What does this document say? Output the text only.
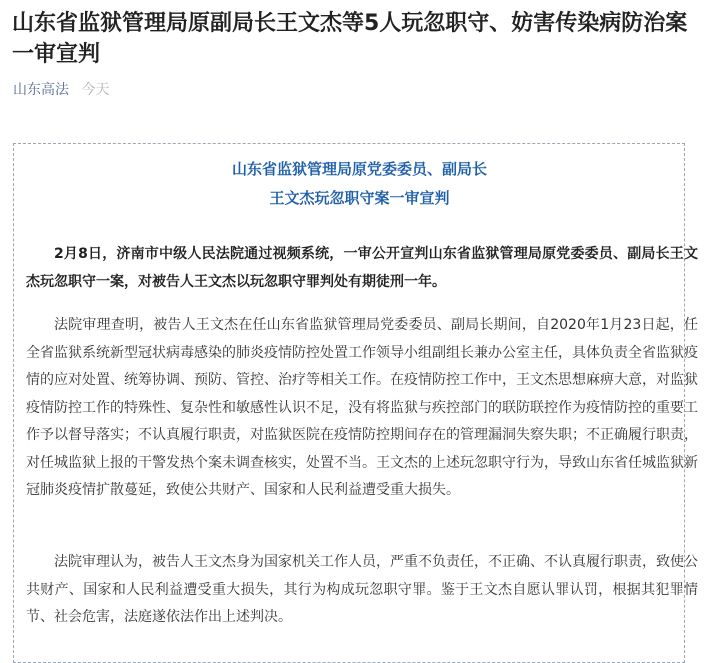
山东省监狱管理局原副局长王文杰等5人玩忽职守、妨害传染病防治案一审宣判
山东高法 今天
山东省监狱管理局原党委委员、副局长
王文杰玩忽职守案一审宣判

2月8日，济南市中级人民法院通过视频系统，一审公开宣判山东省监狱管理局原党委委员、副局长王文杰玩忽职守一案，对被告人王文杰以玩忽职守罪判处有期徒刑一年。

法院审理查明，被告人王文杰在任山东省监狱管理局党委委员、副局长期间，自2020年1月23日起，任全省监狱系统新型冠状病毒感染的肺炎疫情防控处置工作领导小组副组长兼办公室主任，具体负责全省监狱疫情的应对处置、统筹协调、预防、管控、治疗等相关工作。在疫情防控工作中，王文杰思想麻痹大意，对监狱疫情防控工作的特殊性、复杂性和敏感性认识不足，没有将监狱与疾控部门的联防联控作为疫情防控的重要工作予以督导落实；不认真履行职责，对监狱医院在疫情防控期间存在的管理漏洞失察失职；不正确履行职责，对任城监狱上报的干警发热个案未调查核实，处置不当。王文杰的上述玩忽职守行为，导致山东省任城监狱新冠肺炎疫情扩散蔓延，致使公共财产、国家和人民利益遭受重大损失。

法院审理认为，被告人王文杰身为国家机关工作人员，严重不负责任，不正确、不认真履行职责，致使公共财产、国家和人民利益遭受重大损失，其行为构成玩忽职守罪。鉴于王文杰自愿认罪认罚，根据其犯罪情节、社会危害，法庭遂依法作出上述判决。
